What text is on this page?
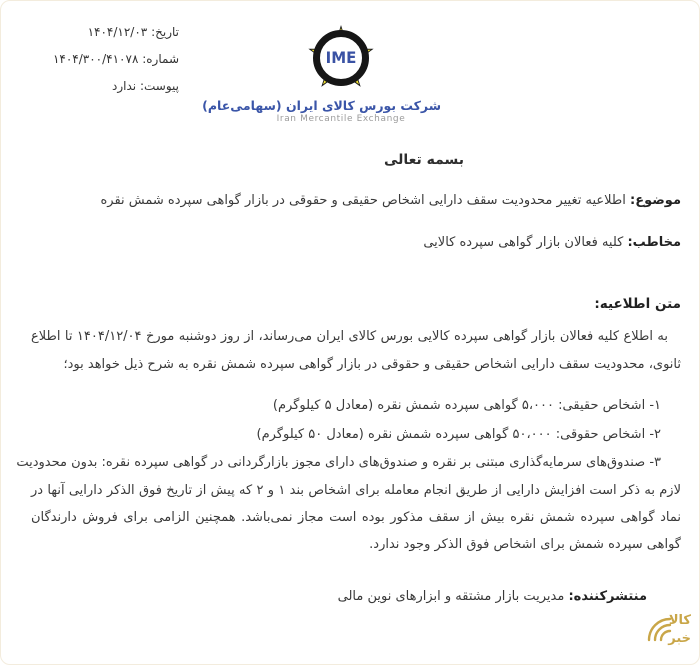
تاریخ: ۱۴۰۴/۱۲/۰۳
شماره: ۱۴۰۴/۳۰۰/۴۱۰۷۸
پیوست: ندارد
IME
شرکت بورس کالای ایران (سهامی‌عام)
Iran Mercantile Exchange
بسمه تعالی
موضوع: اطلاعیه تغییر محدودیت سقف دارایی اشخاص حقیقی و حقوقی در بازار گواهی سپرده شمش نقره
مخاطب: کلیه فعالان بازار گواهی سپرده کالایی
متن اطلاعیه:

به اطلاع کلیه فعالان بازار گواهی سپرده کالایی بورس کالای ایران می‌رساند، از روز دوشنبه مورخ ۱۴۰۴/۱۲/۰۴ تا اطلاع ثانوی، محدودیت سقف دارایی اشخاص حقیقی و حقوقی در بازار گواهی سپرده شمش نقره به شرح ذیل خواهد بود؛

۱- اشخاص حقیقی: ۵،۰۰۰ گواهی سپرده شمش نقره (معادل ۵ کیلوگرم)
۲- اشخاص حقوقی: ۵۰،۰۰۰ گواهی سپرده شمش نقره (معادل ۵۰ کیلوگرم)
۳- صندوق‌های سرمایه‌گذاری مبتنی بر نقره و صندوق‌های دارای مجوز بازارگردانی در گواهی سپرده نقره: بدون محدودیت

لازم به ذکر است افزایش دارایی از طریق انجام معامله برای اشخاص بند ۱ و ۲ که پیش از تاریخ فوق الذکر دارایی آنها در نماد گواهی سپرده شمش نقره بیش از سقف مذکور بوده است مجاز نمی‌باشد. همچنین الزامی برای فروش دارندگان گواهی سپرده شمش برای اشخاص فوق الذکر وجود ندارد.

منتشرکننده: مدیریت بازار مشتقه و ابزارهای نوین مالی
کالا
خبر
